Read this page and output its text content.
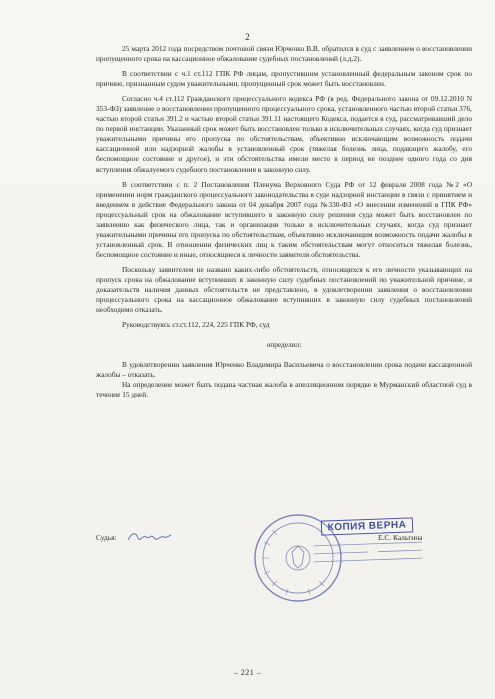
2

25 марта 2012 года посредством почтовой связи Юрченко В.В. обратился в суд с заявлением о восстановлении пропущенного срока на кассационное обжалование судебных постановлений (л.д.2).

В соответствии с ч.1 ст.112 ГПК РФ лицам, пропустившим установленный федеральным законом срок по причине, признанным судом уважительными, пропущенный срок может быть восстановлен.

Согласно ч.4 ст.112 Гражданского процессуального кодекса РФ (в ред. Федерального закона от 09.12.2010 N 353-ФЗ) заявление о восстановлении пропущенного процессуального срока, установленного частью второй статьи 376, частью второй статьи 391.2 и частью второй статьи 391.11 настоящего Кодекса, подается в суд, рассматривавший дело по первой инстанции. Указанный срок может быть восстановлен только в исключительных случаях, когда суд признает уважительными причины его пропуска по обстоятельствам, объективно исключающим возможность подачи кассационной или надзорной жалобы в установленный срок (тяжелая болезнь лица, подающего жалобу, его беспомощное состояние и другое), и эти обстоятельства имели место в период не позднее одного года со дня вступления обжалуемого судебного постановления в законную силу.

В соответствии с п. 2 Постановления Пленума Верховного Суда РФ от 12 февраля 2008 года №2 «О применении норм гражданского процессуального законодательства в суде надзорной инстанции в связи с принятием и введением в действие Федерального закона от 04 декабря 2007 года №330-ФЗ «О внесении изменений в ГПК РФ» процессуальный срок на обжалование вступившего в законную силу решения суда может быть восстановлен по заявлению как физического лица, так и организации только в исключительных случаях, когда суд признает уважительными причины его пропуска по обстоятельствам, объективно исключающим возможность подачи жалобы в установленный срок. В отношении физических лиц к таким обстоятельствам могут относиться тяжелая болезнь, беспомощное состояние и иные, относящиеся к личности заявителя обстоятельства.

Поскольку заявителем не названо каких-либо обстоятельств, относящихся к его личности указывающих на пропуск срока на обжалование вступивших в законную силу судебных постановлений по уважительной причине, и доказательств наличия данных обстоятельств не представлено, в удовлетворении заявления о восстановлении процессуального срока на кассационное обжалование вступивших в законную силу судебных постановлений необходимо отказать.

Руководствуясь ст.ст.112, 224, 225 ГПК РФ, суд

определил:

В удовлетворении заявления Юрченко Владимира Васильевича о восстановлении срока подачи кассационной жалобы – отказать.

На определение может быть подана частная жалоба в апелляционном порядке в Мурманский областной суд в течение 15 дней.

КОПИЯ ВЕРНА
Судья:	Е.С. Кальгина
– 221 –
